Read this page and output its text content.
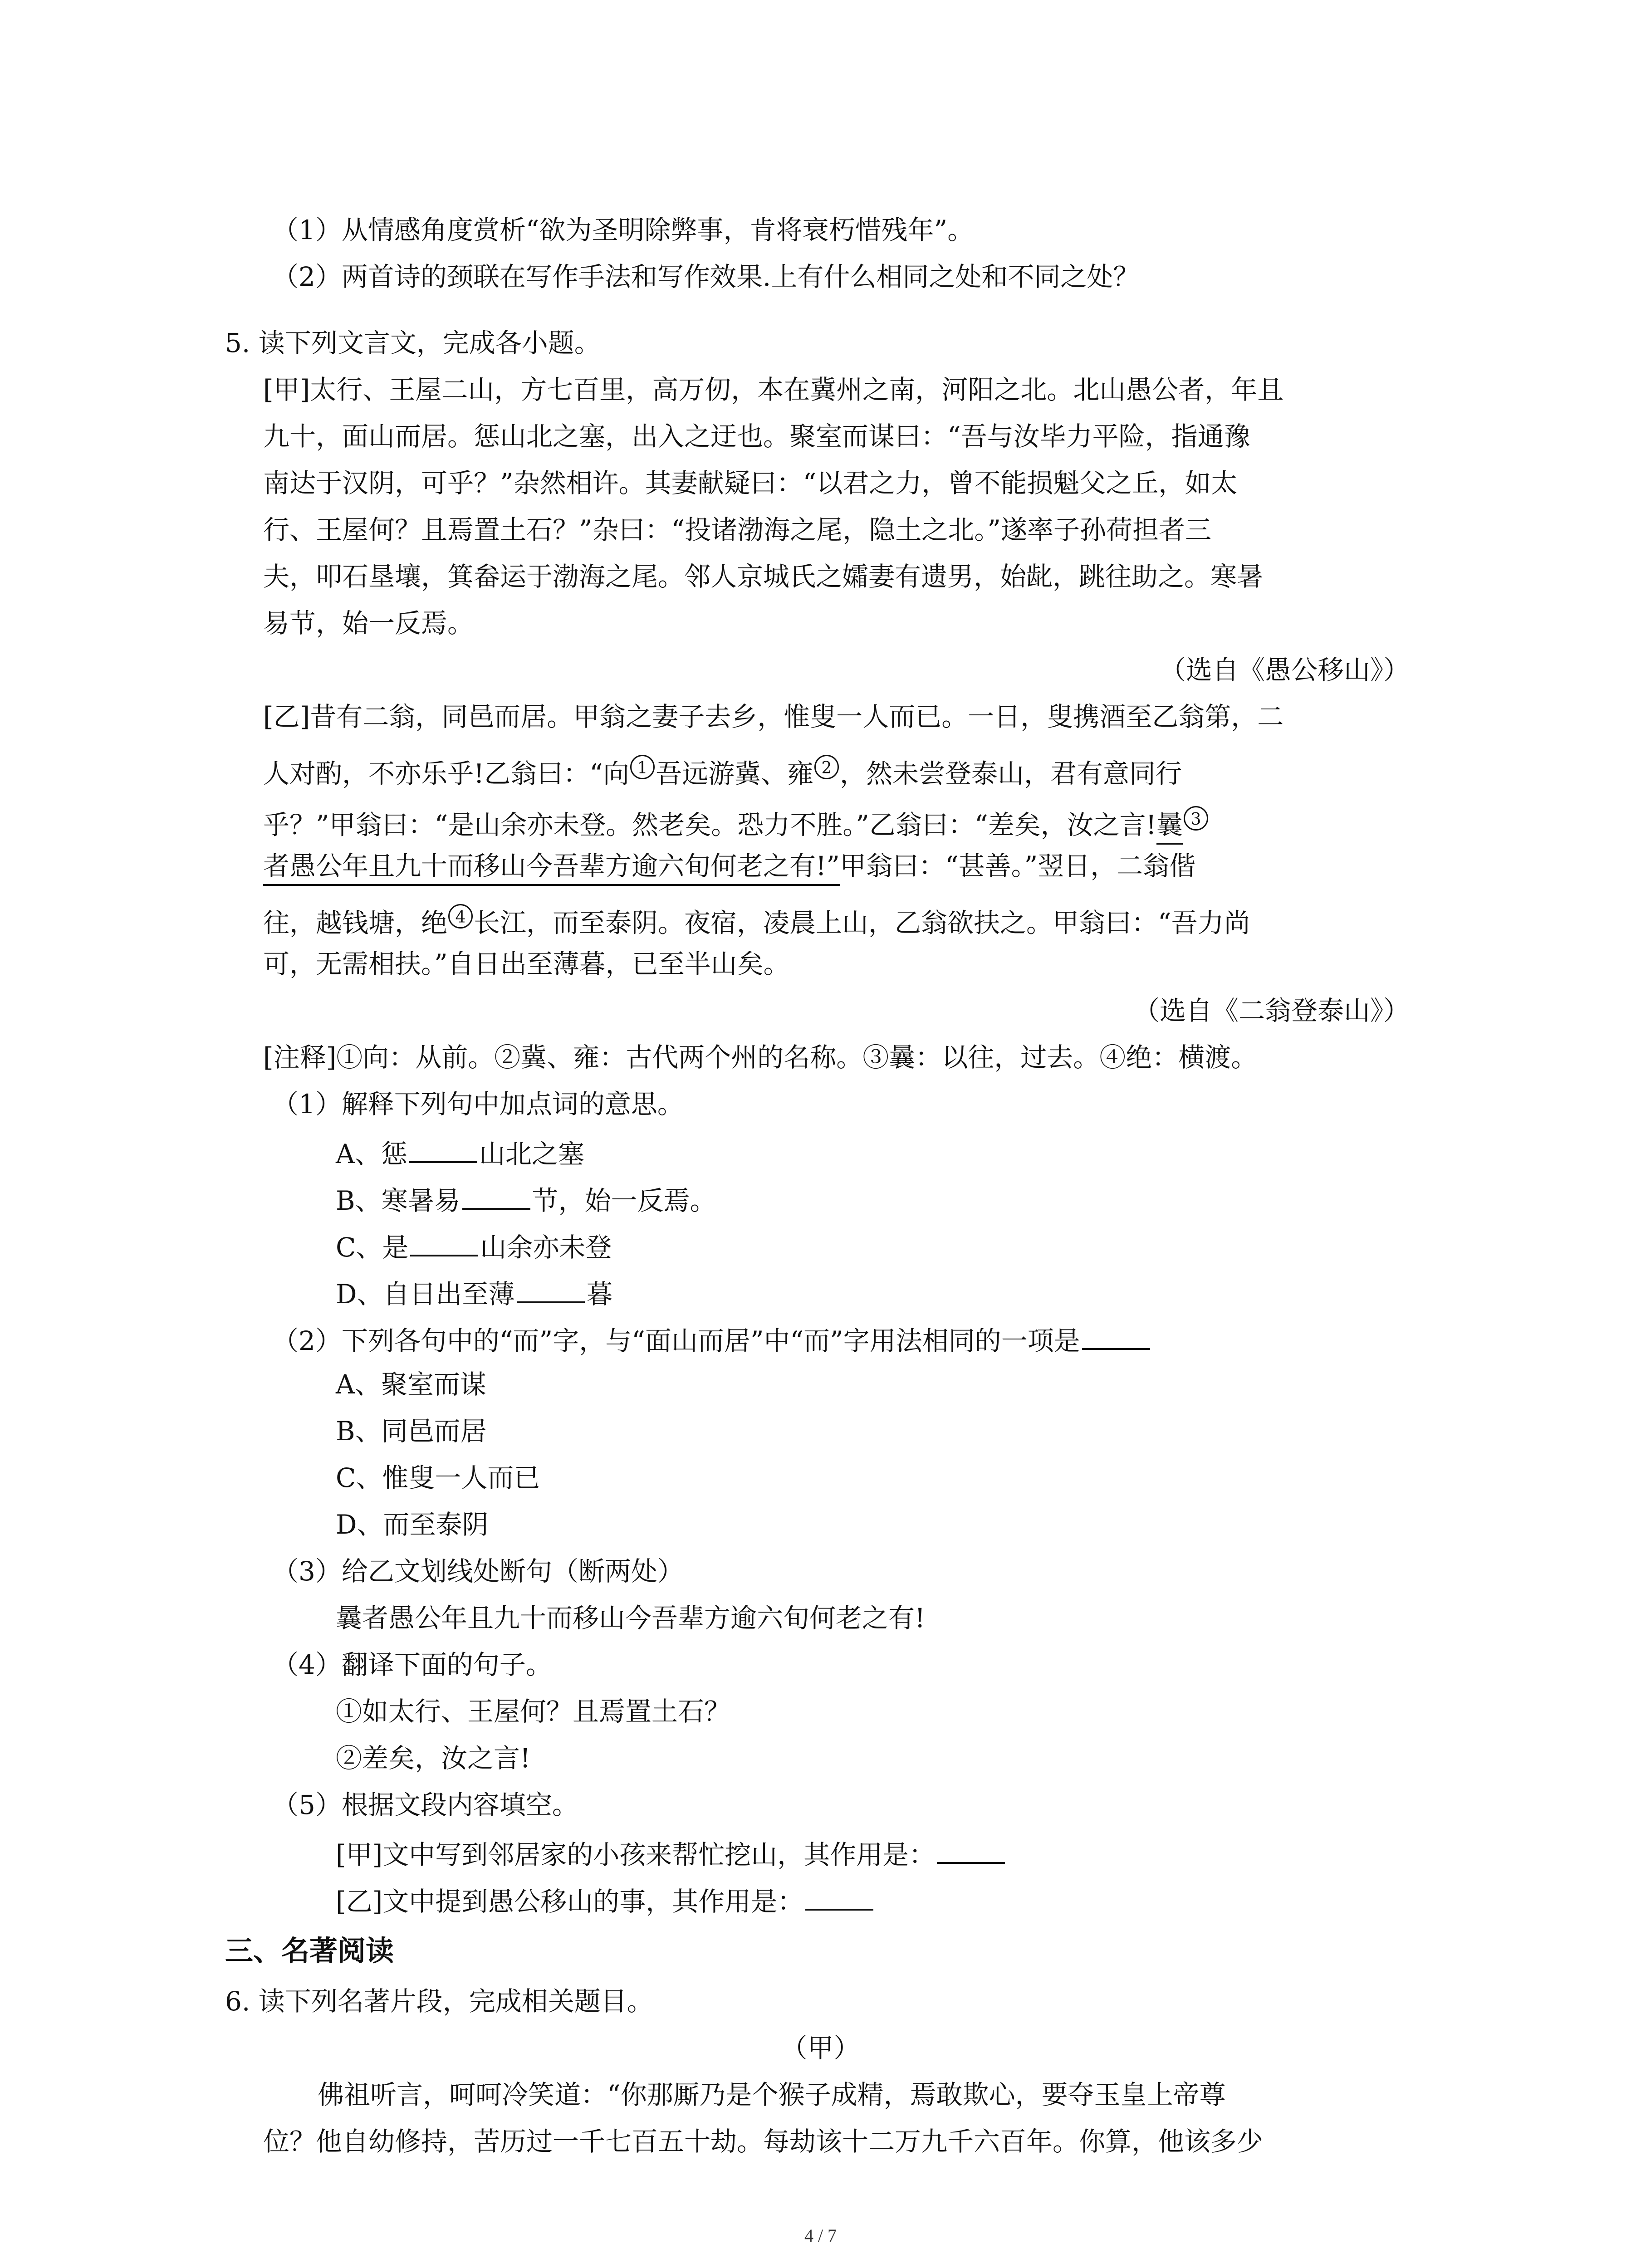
（1）从情感角度赏析“欲为圣明除弊事，肯将衰朽惜残年”。
（2）两首诗的颈联在写作手法和写作效果.上有什么相同之处和不同之处？
5. 读下列文言文，完成各小题。
[甲]太行、王屋二山，方七百里，高万仞，本在冀州之南，河阳之北。北山愚公者，年且
九十，面山而居。惩山北之塞，出入之迂也。聚室而谋曰：“吾与汝毕力平险，指通豫
南达于汉阴，可乎？”杂然相许。其妻献疑曰：“以君之力，曾不能损魁父之丘，如太
行、王屋何？且焉置土石？”杂曰：“投诸渤海之尾，隐土之北。”遂率子孙荷担者三
夫，叩石垦壤，箕畚运于渤海之尾。邻人京城氏之孀妻有遗男，始龀，跳往助之。寒暑
易节，始一反焉。
（选自《愚公移山》）
[乙]昔有二翁，同邑而居。甲翁之妻子去乡，惟叟一人而已。一日，叟携酒至乙翁第，二
人对酌，不亦乐乎!乙翁曰：“向 1 吾远游冀、雍 2 ，然未尝登泰山，君有意同行
乎？”甲翁曰：“是山余亦未登。然老矣。恐力不胜。”乙翁曰：“差矣，汝之言!曩 3
者愚公年且九十而移山今吾辈方逾六旬何老之有!”甲翁曰：“甚善。”翌日，二翁偕
往，越钱塘，绝 4 长江，而至泰阴。夜宿，凌晨上山，乙翁欲扶之。甲翁曰：“吾力尚
可，无需相扶。”自日出至薄暮，已至半山矣。
（选自《二翁登泰山》）
[注释]①向：从前。②冀、雍：古代两个州的名称。③曩：以往，过去。④绝：横渡。
（1）解释下列句中加点词的意思。
A、惩	山北之塞
B、寒暑易	节，始一反焉。
C、是	山余亦未登
D、自日出至薄	暮
（2）下列各句中的“而”字，与“面山而居”中“而”字用法相同的一项是
A、聚室而谋
B、同邑而居
C、惟叟一人而已
D、而至泰阴
（3）给乙文划线处断句（断两处）
曩者愚公年且九十而移山今吾辈方逾六旬何老之有!
（4）翻译下面的句子。
①如太行、王屋何？且焉置土石？
②差矣，汝之言!
（5）根据文段内容填空。
[甲]文中写到邻居家的小孩来帮忙挖山，其作用是：
[乙]文中提到愚公移山的事，其作用是：
三、名著阅读
6. 读下列名著片段，完成相关题目。
（甲）
佛祖听言，呵呵冷笑道：“你那厮乃是个猴子成精，焉敢欺心，要夺玉皇上帝尊
位？他自幼修持，苦历过一千七百五十劫。每劫该十二万九千六百年。你算，他该多少
4 / 7
